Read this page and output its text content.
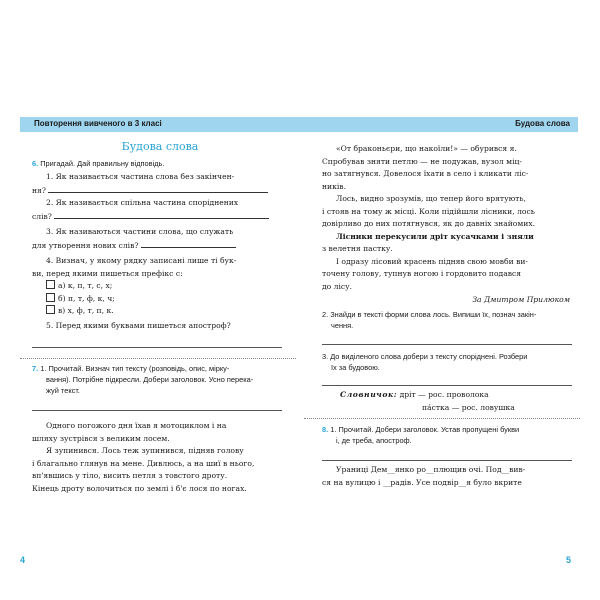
Повторення вивченого в 3 класі
Будова слова
6. Пригадай. Дай правильну відповідь.

1. Як називається частина слова без закінчен-

ня?

2. Як називається спільна частина споріднених

слів?

3. Як називаються частини слова, що служать

для утворення нових слів?

4. Визнач, у якому рядку записані лише ті бук-

ви, перед якими пишеться префікс с:

а) к, п, т, с, х;

б) п, т, ф, к, ч;

в) х, ф, т, п, к.

5. Перед якими буквами пишеться апостроф?

7. 1. Прочитай. Визнач тип тексту (розповідь, опис, мірку-

вання). Потрібне підкресли. Добери заголовок. Усно перека-

жуй текст.

Одного погожого дня їхав я мотоциклом і на

шляху зустрівся з великим лосем.

Я зупинився. Лось теж зупинився, підняв голову

і благально глянув на мене. Дивлюсь, а на шиї в нього,

вп'явшись у тіло, висить петля з товстого дроту.

Кінець дроту волочиться по землі і б'є лося по ногах.

4
Будова слова

«От браконьєри, що накоїли!» — обуривcя я.

Спробував зняти петлю — не подужав, вузол міц-

но затягнувся. Довелося їхати в село і кликати ліс-

ників.

Лось, видно зрозумів, що тепер його врятують,

і стояв на тому ж місці. Коли підійшли лісники, лось

довірливо до них потягнувся, як до давніх знайомих.

Лісники перекусили дріт кусачками і зняли

з велетня пастку.

І одразу лісовий красень підняв свою мовби ви-

точену голову, тупнув ногою і гордовито подався

до лісу.

За Дмитром Прилюком

2. Знайди в тексті форми слова лось. Випиши їх, познач закін-

чення.

3. До виділеного слова добери з тексту споріднені. Розбери

їх за будовою.

Словничок: дріт — рос. проволока

па́стка — рос. ловушка

8. 1. Прочитай. Добери заголовок. Устав пропущені букви

і, де треба, апостроф.

Ураниці Дем__янко ро__плющив очі. Под__вив-

ся на вулицю і __радів. Усе подвір__я було вкрите

5
